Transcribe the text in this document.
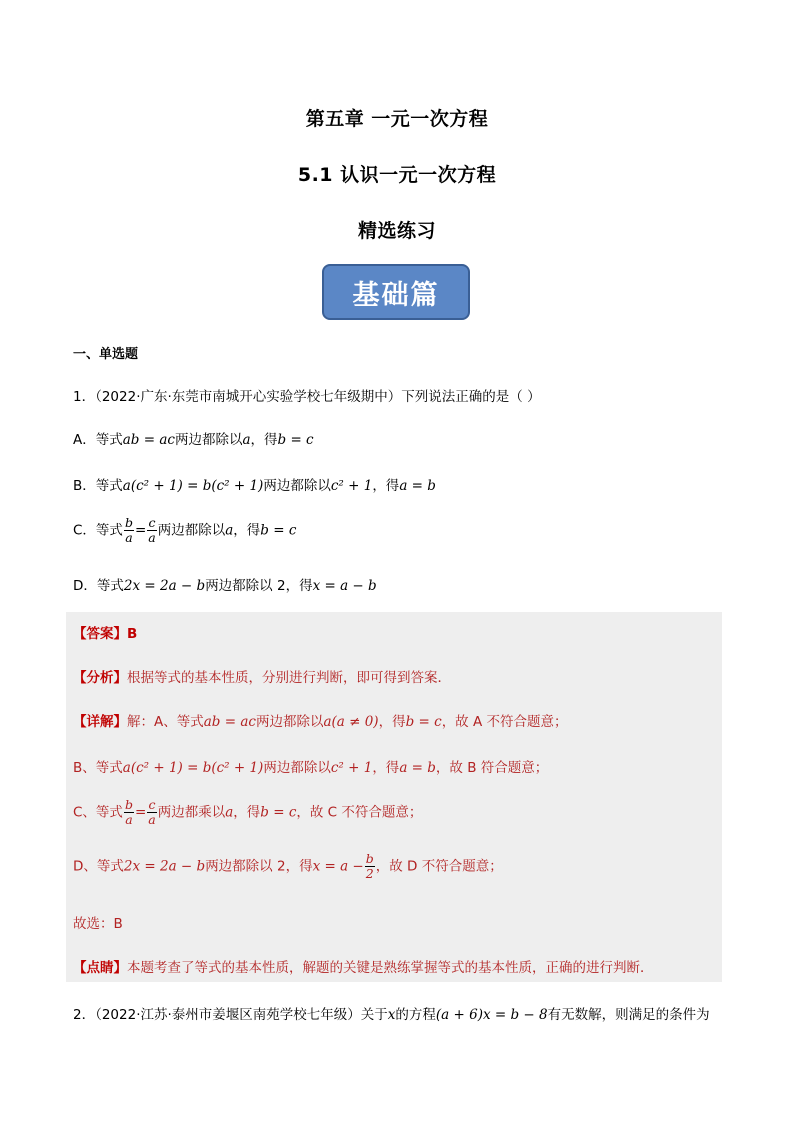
第五章 一元一次方程
5.1 认识一元一次方程
精选练习
基础篇
一、单选题
1．（2022·广东·东莞市南城开心实验学校七年级期中）下列说法正确的是（ ）
A．等式ab = ac两边都除以a，得b = c
B．等式a(c² + 1) = b(c² + 1)两边都除以c² + 1，得a = b
C．等式 $\frac{b}{a} = \frac{c}{a}$ 两边都除以a，得b = c
D．等式2x = 2a − b两边都除以 2，得x = a − b
【答案】B
【分析】根据等式的基本性质，分别进行判断，即可得到答案．
【详解】解：A、等式ab = ac两边都除以a(a ≠ 0)，得b = c，故 A 不符合题意；
B、等式a(c² + 1) = b(c² + 1)两边都除以c² + 1，得a = b，故 B 符合题意；
C、等式 $\frac{b}{a} = \frac{c}{a}$ 两边都乘以a，得b = c，故 C 不符合题意；
D、等式2x = 2a − b两边都除以 2，得$x = a - \frac{b}{2}$ ，故 D 不符合题意；
故选：B
【点睛】本题考查了等式的基本性质，解题的关键是熟练掌握等式的基本性质，正确的进行判断．
2．（2022·江苏·泰州市姜堰区南苑学校七年级）关于x的方程(a + 6)x = b − 8有无数解，则满足的条件为
